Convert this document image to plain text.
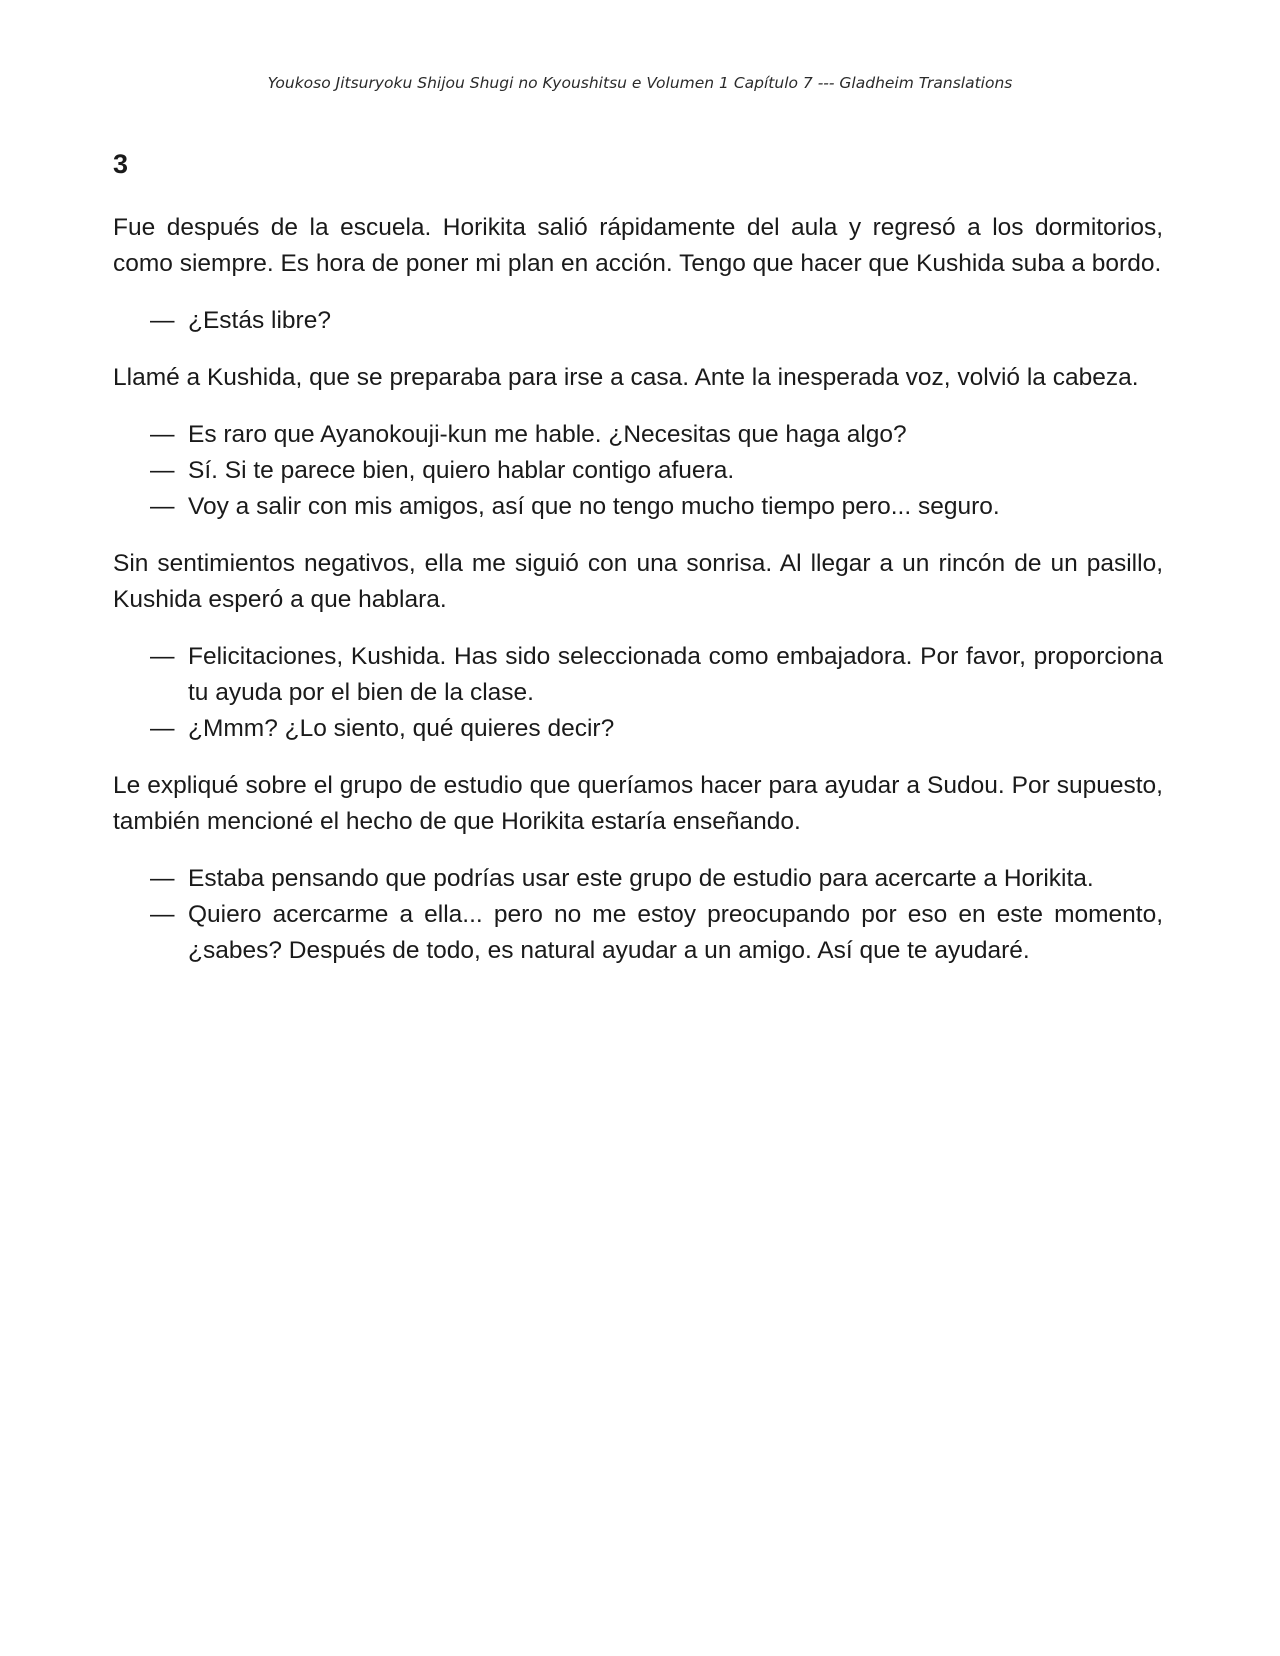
Youkoso Jitsuryoku Shijou Shugi no Kyoushitsu e Volumen 1 Capítulo 7 --- Gladheim Translations
3

Fue después de la escuela. Horikita salió rápidamente del aula y regresó a los dormitorios, como siempre. Es hora de poner mi plan en acción. Tengo que hacer que Kushida suba a bordo.

— ¿Estás libre?

Llamé a Kushida, que se preparaba para irse a casa. Ante la inesperada voz, volvió la cabeza.

— Es raro que Ayanokouji-kun me hable. ¿Necesitas que haga algo?

— Sí. Si te parece bien, quiero hablar contigo afuera.

— Voy a salir con mis amigos, así que no tengo mucho tiempo pero... seguro.

Sin sentimientos negativos, ella me siguió con una sonrisa. Al llegar a un rincón de un pasillo, Kushida esperó a que hablara.

— Felicitaciones, Kushida. Has sido seleccionada como embajadora. Por favor, proporciona tu ayuda por el bien de la clase.

— ¿Mmm? ¿Lo siento, qué quieres decir?

Le expliqué sobre el grupo de estudio que queríamos hacer para ayudar a Sudou. Por supuesto, también mencioné el hecho de que Horikita estaría enseñando.

— Estaba pensando que podrías usar este grupo de estudio para acercarte a Horikita.

— Quiero acercarme a ella... pero no me estoy preocupando por eso en este momento, ¿sabes? Después de todo, es natural ayudar a un amigo. Así que te ayudaré.
